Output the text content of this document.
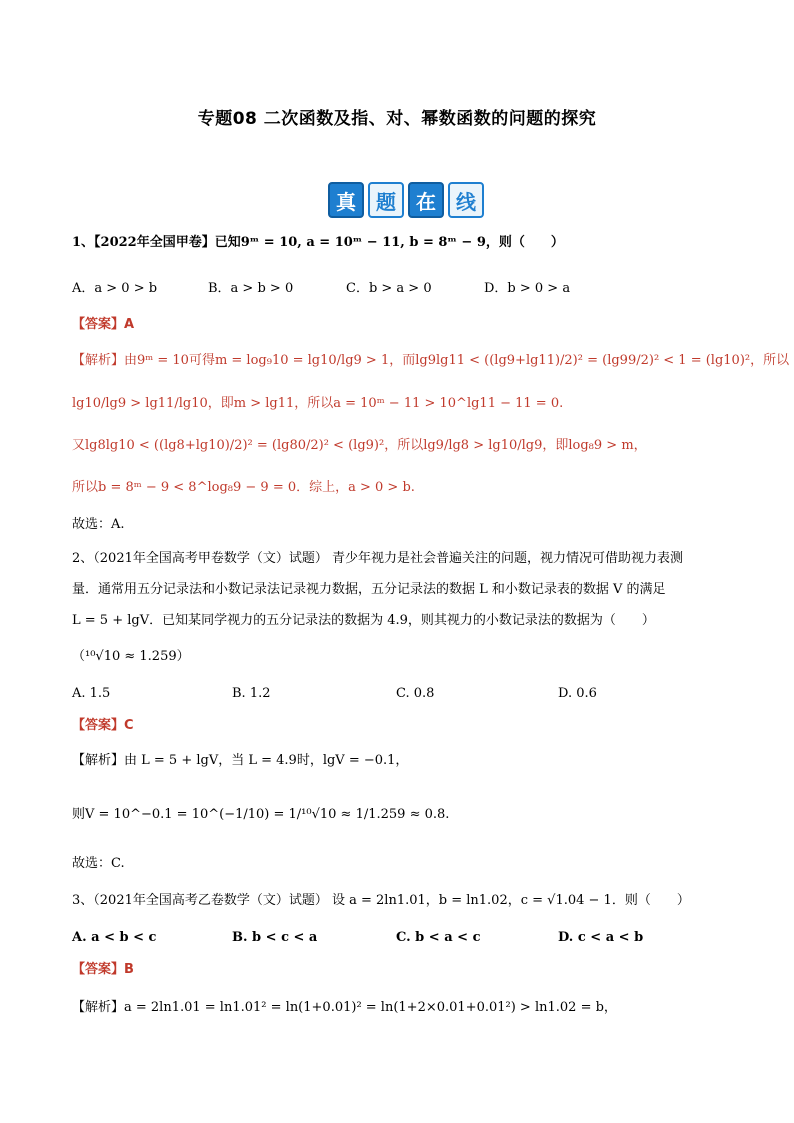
专题08 二次函数及指、对、幂数函数的问题的探究
真	题	在	线
1、【2022年全国甲卷】已知9ᵐ = 10, a = 10ᵐ − 11, b = 8ᵐ − 9，则（　　）
A．a > 0 > b	B．a > b > 0	C．b > a > 0	D．b > 0 > a
【答案】A
【解析】由9ᵐ = 10可得m = log₉10 = lg10/lg9 > 1，而lg9lg11 < ((lg9+lg11)/2)² = (lg99/2)² < 1 = (lg10)²，所以
lg10/lg9 > lg11/lg10，即m > lg11，所以a = 10ᵐ − 11 > 10^lg11 − 11 = 0.
又lg8lg10 < ((lg8+lg10)/2)² = (lg80/2)² < (lg9)²，所以lg9/lg8 > lg10/lg9，即log₈9 > m，
所以b = 8ᵐ − 9 < 8^log₈9 − 9 = 0．综上，a > 0 > b.
故选：A.
2、（2021年全国高考甲卷数学（文）试题） 青少年视力是社会普遍关注的问题，视力情况可借助视力表测
量．通常用五分记录法和小数记录法记录视力数据，五分记录法的数据 L 和小数记录表的数据 V 的满足
L = 5 + lgV．已知某同学视力的五分记录法的数据为 4.9，则其视力的小数记录法的数据为（　　）
（¹⁰√10 ≈ 1.259）
A. 1.5	B. 1.2	C. 0.8	D. 0.6
【答案】C
【解析】由 L = 5 + lgV，当 L = 4.9时，lgV = −0.1，
则V = 10^−0.1 = 10^(−1/10) = 1/¹⁰√10 ≈ 1/1.259 ≈ 0.8.
故选：C.
3、（2021年全国高考乙卷数学（文）试题） 设 a = 2ln1.01，b = ln1.02，c = √1.04 − 1．则（　　）
A. a < b < c	B. b < c < a	C. b < a < c	D. c < a < b
【答案】B
【解析】a = 2ln1.01 = ln1.01² = ln(1+0.01)² = ln(1+2×0.01+0.01²) > ln1.02 = b，
